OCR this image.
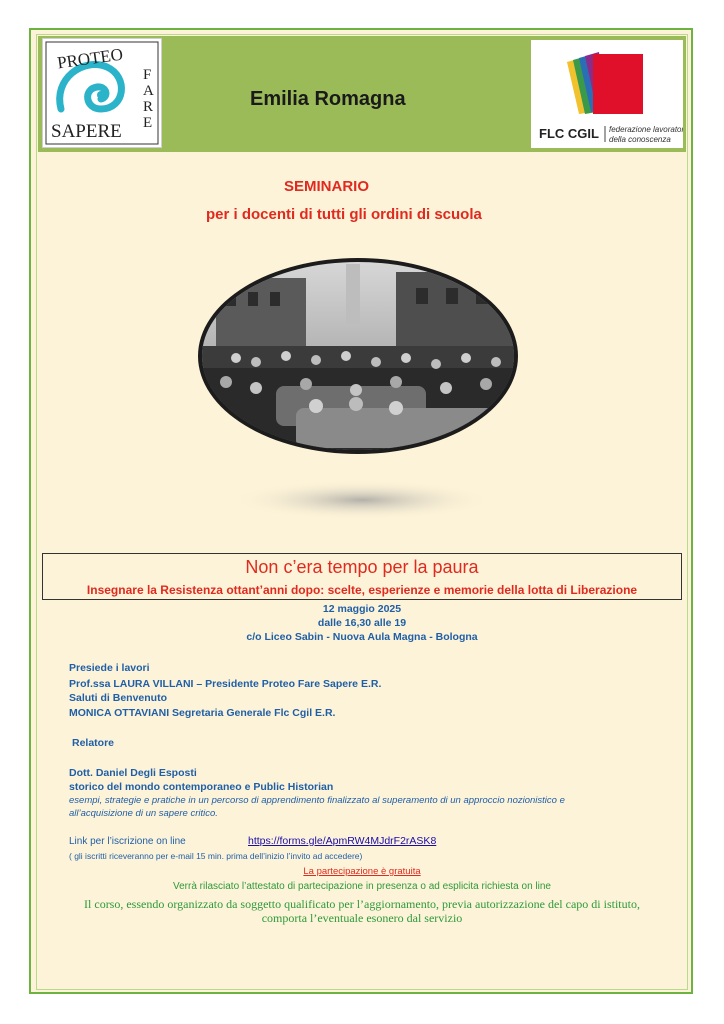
PROTEO
F
A
R
E
SAPERE
Emilia Romagna
FLC CGIL federazione lavoratori
della conoscenza
SEMINARIO
per i docenti di tutti gli ordini di scuola
Non c’era tempo per la paura
Insegnare la Resistenza ottant’anni dopo: scelte, esperienze e memorie della lotta di Liberazione
12 maggio 2025
dalle 16,30 alle 19
c/o Liceo Sabin - Nuova Aula Magna - Bologna
Presiede i lavori
Prof.ssa LAURA VILLANI – Presidente Proteo Fare Sapere E.R.
Saluti di Benvenuto
MONICA OTTAVIANI Segretaria Generale Flc Cgil E.R.
Relatore
Dott. Daniel Degli Esposti
storico del mondo contemporaneo e Public Historian
esempi, strategie e pratiche in un percorso di apprendimento finalizzato al superamento di un approccio nozionistico e
all’acquisizione di un sapere critico.
Link per l’iscrizione on line	https://forms.gle/ApmRW4MJdrF2rASK8
( gli iscritti riceveranno per e-mail 15 min. prima dell’inizio l’invito ad accedere)
La partecipazione è gratuita
Verrà rilasciato l’attestato di partecipazione in presenza o ad esplicita richiesta on line
Il corso, essendo organizzato da soggetto qualificato per l’aggiornamento, previa autorizzazione del capo di istituto,
comporta l’eventuale esonero dal servizio
